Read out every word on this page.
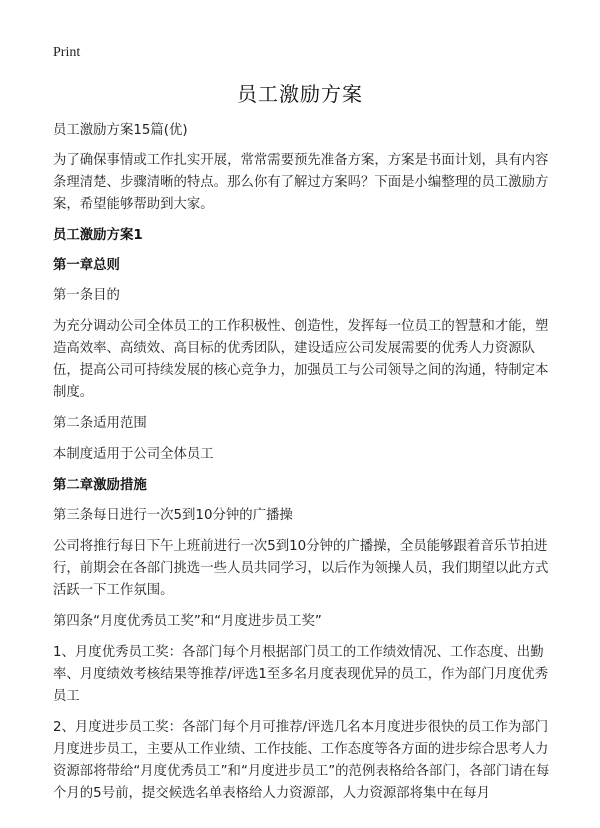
Print
员工激励方案

员工激励方案15篇(优)

为了确保事情或工作扎实开展，常常需要预先准备方案，方案是书面计划，具有内容条理清楚、步骤清晰的特点。那么你有了解过方案吗？下面是小编整理的员工激励方案，希望能够帮助到大家。

员工激励方案1

第一章总则

第一条目的

为充分调动公司全体员工的工作积极性、创造性，发挥每一位员工的智慧和才能，塑造高效率、高绩效、高目标的优秀团队，建设适应公司发展需要的优秀人力资源队伍，提高公司可持续发展的核心竞争力，加强员工与公司领导之间的沟通，特制定本制度。

第二条适用范围

本制度适用于公司全体员工

第二章激励措施

第三条每日进行一次5到10分钟的广播操

公司将推行每日下午上班前进行一次5到10分钟的广播操，全员能够跟着音乐节拍进行，前期会在各部门挑选一些人员共同学习，以后作为领操人员，我们期望以此方式活跃一下工作氛围。

第四条“月度优秀员工奖”和“月度进步员工奖”

1、月度优秀员工奖：各部门每个月根据部门员工的工作绩效情况、工作态度、出勤率、月度绩效考核结果等推荐/评选1至多名月度表现优异的员工，作为部门月度优秀员工

2、月度进步员工奖：各部门每个月可推荐/评选几名本月度进步很快的员工作为部门月度进步员工，主要从工作业绩、工作技能、工作态度等各方面的进步综合思考人力资源部将带给“月度优秀员工”和“月度进步员工”的范例表格给各部门，各部门请在每个月的5号前，提交候选名单表格给人力资源部，人力资源部将集中在每月
